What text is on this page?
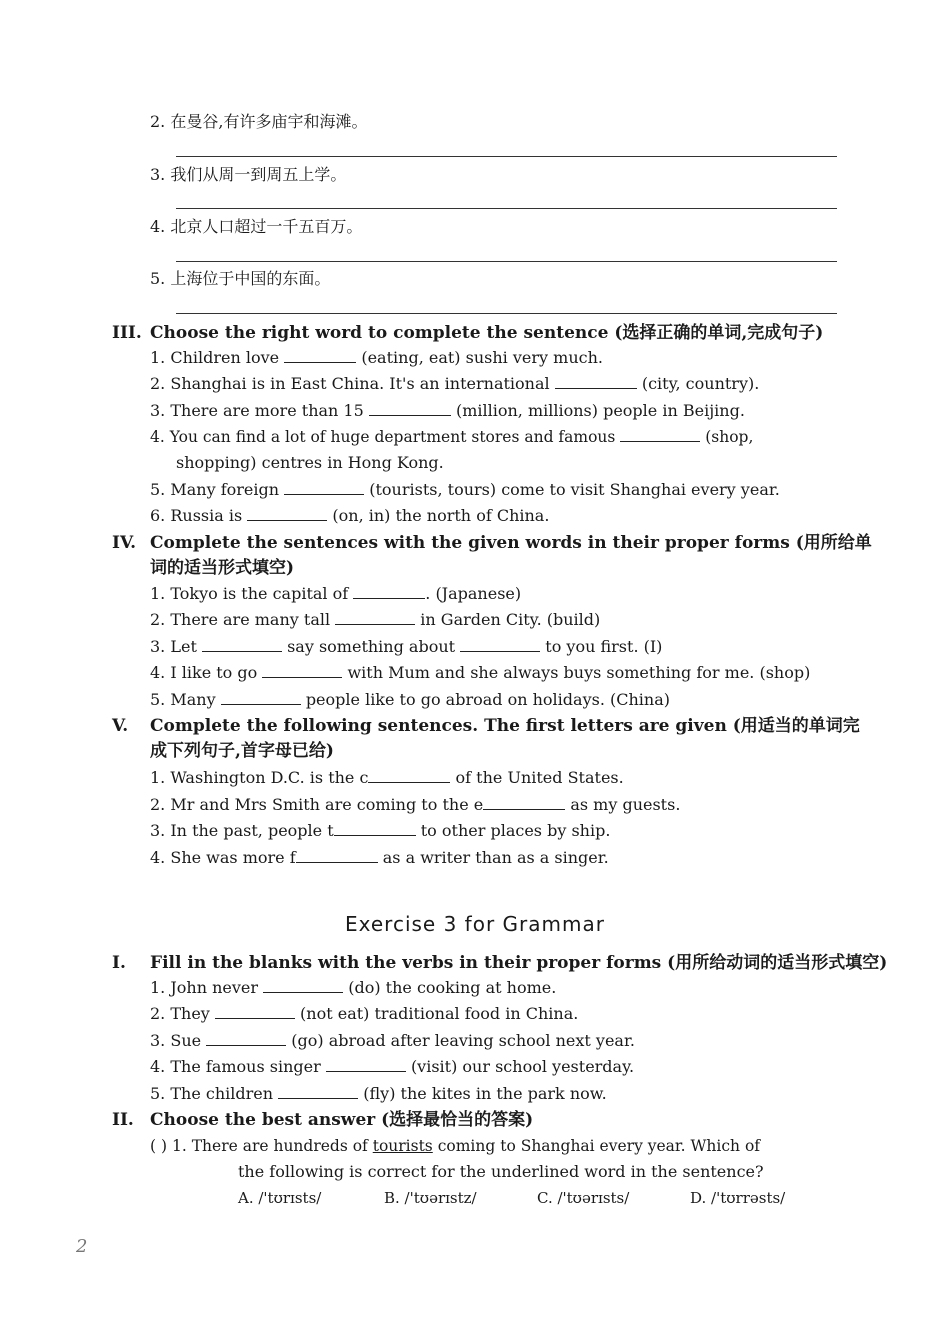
2. 在曼谷,有许多庙宇和海滩。
3. 我们从周一到周五上学。
4. 北京人口超过一千五百万。
5. 上海位于中国的东面。
III. Choose the right word to complete the sentence (选择正确的单词,完成句子)
1. Children love	(eating, eat) sushi very much.
2. Shanghai is in East China. It's an international	(city, country).
3. There are more than 15	(million, millions) people in Beijing.
4. You can find a lot of huge department stores and famous	(shop,
shopping) centres in Hong Kong.
5. Many foreign	(tourists, tours) come to visit Shanghai every year.
6. Russia is	(on, in) the north of China.
IV. Complete the sentences with the given words in their proper forms (用所给单
词的适当形式填空)
1. Tokyo is the capital of	. (Japanese)
2. There are many tall	in Garden City. (build)
3. Let	say something about	to you first. (I)
4. I like to go	with Mum and she always buys something for me. (shop)
5. Many	people like to go abroad on holidays. (China)
V. Complete the following sentences. The first letters are given (用适当的单词完
成下列句子,首字母已给)
1. Washington D.C. is the c	of the United States.
2. Mr and Mrs Smith are coming to the e	as my guests.
3. In the past, people t	to other places by ship.
4. She was more f	as a writer than as a singer.
Exercise 3 for Grammar
I. Fill in the blanks with the verbs in their proper forms (用所给动词的适当形式填空)
1. John never	(do) the cooking at home.
2. They	(not eat) traditional food in China.
3. Sue	(go) abroad after leaving school next year.
4. The famous singer	(visit) our school yesterday.
5. The children	(fly) the kites in the park now.
II. Choose the best answer (选择最恰当的答案)
( ) 1. There are hundreds of tourists coming to Shanghai every year. Which of
the following is correct for the underlined word in the sentence?
A. /'tʊrɪsts/	B. /'tʊərɪstz/	C. /'tʊərɪsts/	D. /'tʊrrəsts/
2
